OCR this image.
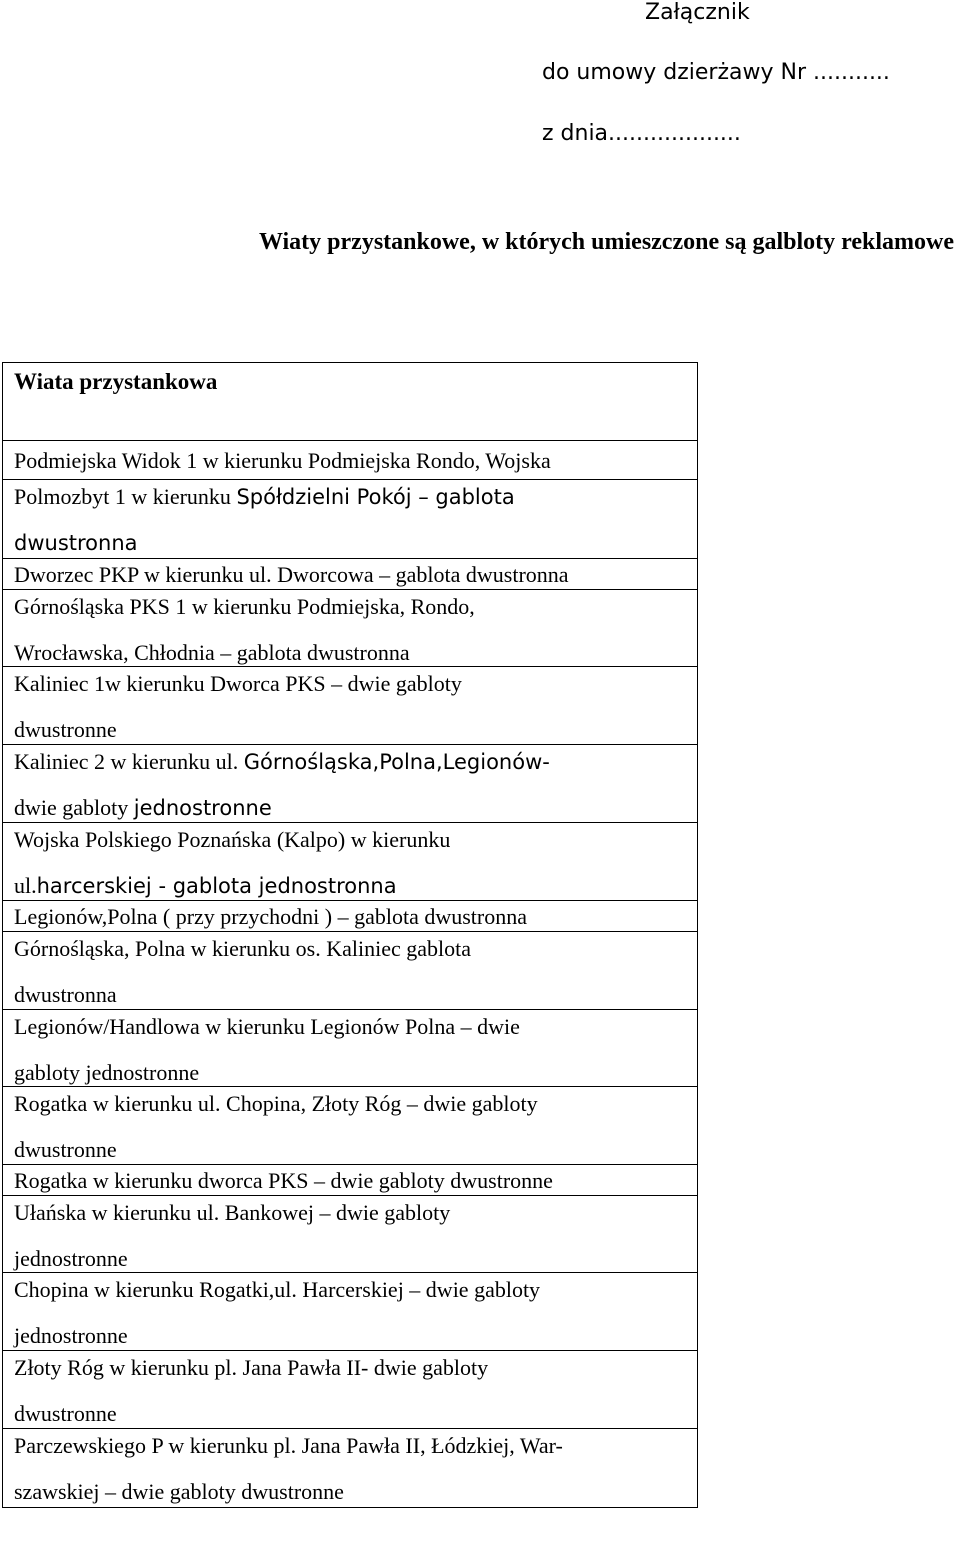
Załącznik
do umowy dzierżawy Nr ...........
z dnia...................
Wiaty przystankowe, w których umieszczone są galbloty reklamowe
Wiata przystankowa
Podmiejska Widok 1 w kierunku Podmiejska Rondo, Wojska
Polmozbyt 1 w kierunku Spółdzielni Pokój – gablota
dwustronna
Dworzec PKP w kierunku ul. Dworcowa – gablota dwustronna
Górnośląska PKS 1 w kierunku Podmiejska, Rondo,
Wrocławska, Chłodnia – gablota dwustronna
Kaliniec 1w kierunku Dworca PKS – dwie gabloty
dwustronne
Kaliniec 2 w kierunku ul. Górnośląska,Polna,Legionów-
dwie gabloty jednostronne
Wojska Polskiego Poznańska (Kalpo) w kierunku
ul.harcerskiej - gablota jednostronna
Legionów,Polna ( przy przychodni ) – gablota dwustronna
Górnośląska, Polna w kierunku os. Kaliniec gablota
dwustronna
Legionów/Handlowa w kierunku Legionów Polna – dwie
gabloty jednostronne
Rogatka w kierunku ul. Chopina, Złoty Róg – dwie gabloty
dwustronne
Rogatka w kierunku dworca PKS – dwie gabloty dwustronne
Ułańska w kierunku ul. Bankowej – dwie gabloty
jednostronne
Chopina w kierunku Rogatki,ul. Harcerskiej – dwie gabloty
jednostronne
Złoty Róg w kierunku pl. Jana Pawła II- dwie gabloty
dwustronne
Parczewskiego P w kierunku pl. Jana Pawła II, Łódzkiej, War-
szawskiej – dwie gabloty dwustronne
